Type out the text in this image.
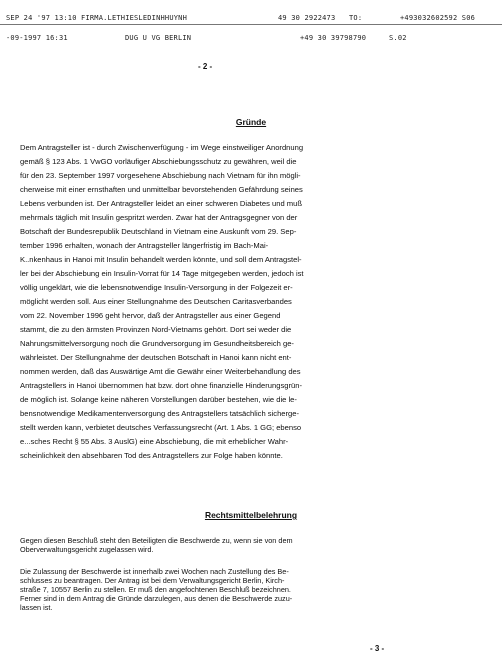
SEP 24 '97 13:10 FIRMA.LETHIESLEDINHHUYNH	49 30 2922473 TO:	+493032602592 S06
-09-1997 16:31	DUG U VG BERLIN	+49 30 39798790	S.02
- 2 -
Gründe
Dem Antragsteller ist - durch Zwischenverfügung - im Wege einstweiliger Anordnung
gemäß § 123 Abs. 1 VwGO vorläufiger Abschiebungsschutz zu gewähren, weil die
für den 23. September 1997 vorgesehene Abschiebung nach Vietnam für ihn mögli-
cherweise mit einer ernsthaften und unmittelbar bevorstehenden Gefährdung seines
Lebens verbunden ist. Der Antragsteller leidet an einer schweren Diabetes und muß
mehrmals täglich mit Insulin gespritzt werden. Zwar hat der Antragsgegner von der
Botschaft der Bundesrepublik Deutschland in Vietnam eine Auskunft vom 29. Sep-
tember 1996 erhalten, wonach der Antragsteller längerfristig im Bach-Mai-
K..nkenhaus in Hanoi mit Insulin behandelt werden könnte, und soll dem Antragstel-
ler bei der Abschiebung ein Insulin-Vorrat für 14 Tage mitgegeben werden, jedoch ist
völlig ungeklärt, wie die lebensnotwendige Insulin-Versorgung in der Folgezeit er-
möglicht werden soll. Aus einer Stellungnahme des Deutschen Caritasverbandes
vom 22. November 1996 geht hervor, daß der Antragsteller aus einer Gegend
stammt, die zu den ärmsten Provinzen Nord-Vietnams gehört. Dort sei weder die
Nahrungsmittelversorgung noch die Grundversorgung im Gesundheitsbereich ge-
währleistet. Der Stellungnahme der deutschen Botschaft in Hanoi kann nicht ent-
nommen werden, daß das Auswärtige Amt die Gewähr einer Weiterbehandlung des
Antragstellers in Hanoi übernommen hat bzw. dort ohne finanzielle Hinderungsgrün-
de möglich ist. Solange keine näheren Vorstellungen darüber bestehen, wie die le-
bensnotwendige Medikamentenversorgung des Antragstellers tatsächlich sicherge-
stellt werden kann, verbietet deutsches Verfassungsrecht (Art. 1 Abs. 1 GG; ebenso
e...sches Recht § 55 Abs. 3 AuslG) eine Abschiebung, die mit erheblicher Wahr-
scheinlichkeit den absehbaren Tod des Antragstellers zur Folge haben könnte.
Rechtsmittelbelehrung
Gegen diesen Beschluß steht den Beteiligten die Beschwerde zu, wenn sie von dem
Oberverwaltungsgericht zugelassen wird.
Die Zulassung der Beschwerde ist innerhalb zwei Wochen nach Zustellung des Be-
schlusses zu beantragen. Der Antrag ist bei dem Verwaltungsgericht Berlin, Kirch-
straße 7, 10557 Berlin zu stellen. Er muß den angefochtenen Beschluß bezeichnen.
Ferner sind in dem Antrag die Gründe darzulegen, aus denen die Beschwerde zuzu-
lassen ist.
- 3 -
